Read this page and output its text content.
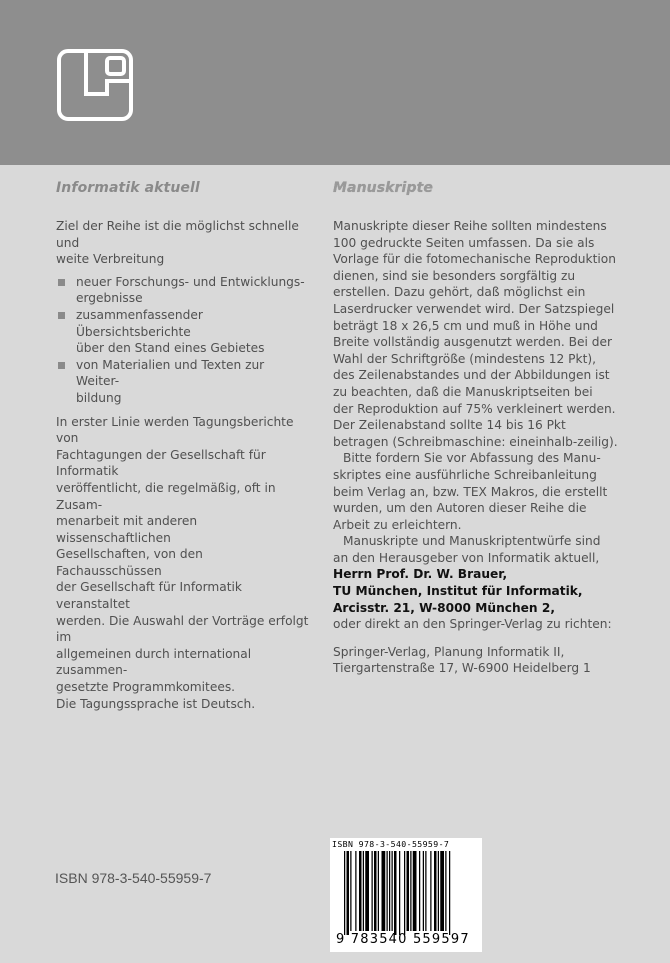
Informatik aktuell
Ziel der Reihe ist die möglichst schnelle und
weite Verbreitung
neuer Forschungs- und Entwicklungs-
ergebnisse
zusammenfassender Übersichtsberichte
über den Stand eines Gebietes
von Materialien und Texten zur Weiter-
bildung
In erster Linie werden Tagungsberichte von
Fachtagungen der Gesellschaft für Informatik
veröffentlicht, die regelmäßig, oft in Zusam-
menarbeit mit anderen wissenschaftlichen
Gesellschaften, von den Fachausschüssen
der Gesellschaft für Informatik veranstaltet
werden. Die Auswahl der Vorträge erfolgt im
allgemeinen durch international zusammen-
gesetzte Programmkomitees.
Die Tagungssprache ist Deutsch.
Manuskripte
Manuskripte dieser Reihe sollten mindestens
100 gedruckte Seiten umfassen. Da sie als
Vorlage für die fotomechanische Reproduktion
dienen, sind sie besonders sorgfältig zu
erstellen. Dazu gehört, daß möglichst ein
Laserdrucker verwendet wird. Der Satzspiegel
beträgt 18 x 26,5 cm und muß in Höhe und
Breite vollständig ausgenutzt werden. Bei der
Wahl der Schriftgröße (mindestens 12 Pkt),
des Zeilenabstandes und der Abbildungen ist
zu beachten, daß die Manuskriptseiten bei
der Reproduktion auf 75% verkleinert werden.
Der Zeilenabstand sollte 14 bis 16 Pkt
betragen (Schreibmaschine: eineinhalb-zeilig).
Bitte fordern Sie vor Abfassung des Manu-
skriptes eine ausführliche Schreibanleitung
beim Verlag an, bzw. TEX Makros, die erstellt
wurden, um den Autoren dieser Reihe die
Arbeit zu erleichtern.
Manuskripte und Manuskriptentwürfe sind
an den Herausgeber von Informatik aktuell,
Herrn Prof. Dr. W. Brauer,
TU München, Institut für Informatik,
Arcisstr. 21, W-8000 München 2,
oder direkt an den Springer-Verlag zu richten:
Springer-Verlag, Planung Informatik II,
Tiergartenstraße 17, W-6900 Heidelberg 1
ISBN 978-3-540-55959-7
ISBN 978-3-540-55959-7
9 783540 559597
